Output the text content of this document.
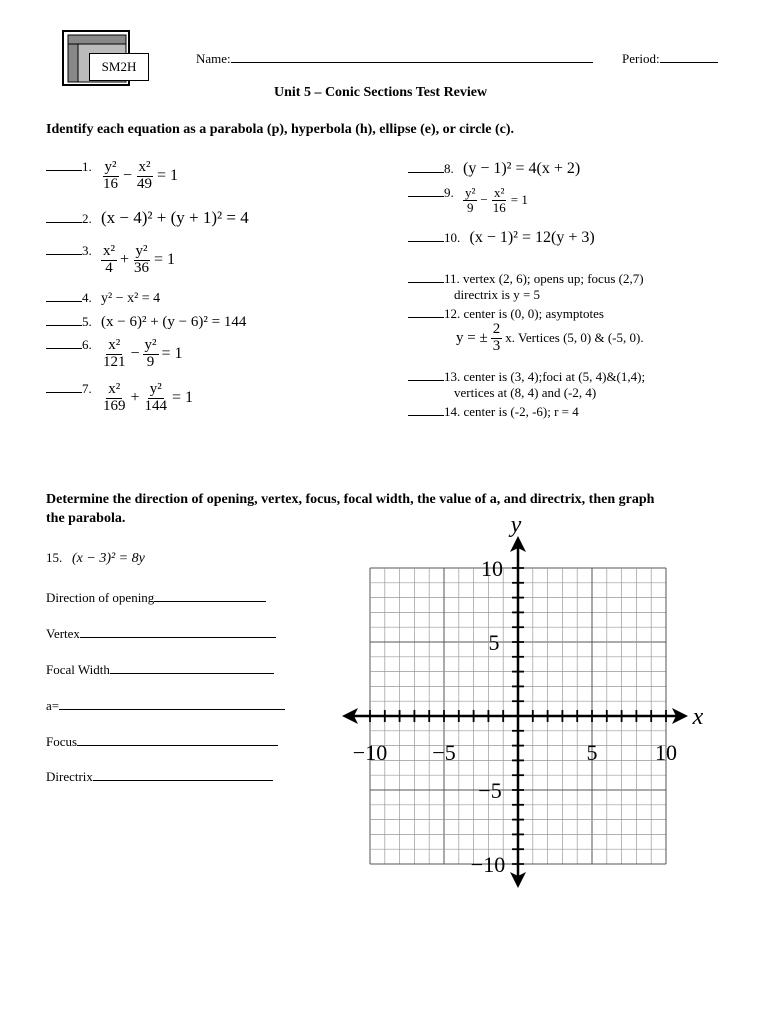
SM2H
Name:	Period:
Unit 5 – Conic Sections Test Review
Identify each equation as a parabola (p), hyperbola (h), ellipse (e), or circle (c).
1. $\frac{\text{y²}}{16} - \frac{\text{x²}}{49} = 1$
2. (x − 4)² + (y + 1)² = 4
3. $\frac{\text{x²}}{4} + \frac{\text{y²}}{36} = 1$
4. y² − x² = 4
5. (x − 6)² + (y − 6)² = 144
6. $\frac{\text{x²}}{121} - \frac{\text{y²}}{9} = 1$
7. $\frac{\text{x²}}{169} + \frac{\text{y²}}{144} = 1$
8. (y − 1)² = 4(x + 2)
9. $\frac{\text{y²}}{9} - \frac{\text{x²}}{16} = 1$
10. (x − 1)² = 12(y + 3)
11. vertex (2, 6); opens up; focus (2,7)
directrix is y = 5
12. center is (0, 0); asymptotes
y = ± $\frac{2}{3} x$. Vertices (5, 0) & (-5, 0).
13. center is (3, 4);foci at (5, 4)&(1,4);
vertices at (8, 4) and (-2, 4)
14. center is (-2, -6); r = 4
Determine the direction of opening, vertex, focus, focal width, the value of a, and directrix, then graph
the parabola.
15. (x − 3)² = 8y
Direction of opening
Vertex
Focal Width
a=
Focus
Directrix
x
y
−10 −5	5	10
10
5
−5
−10
